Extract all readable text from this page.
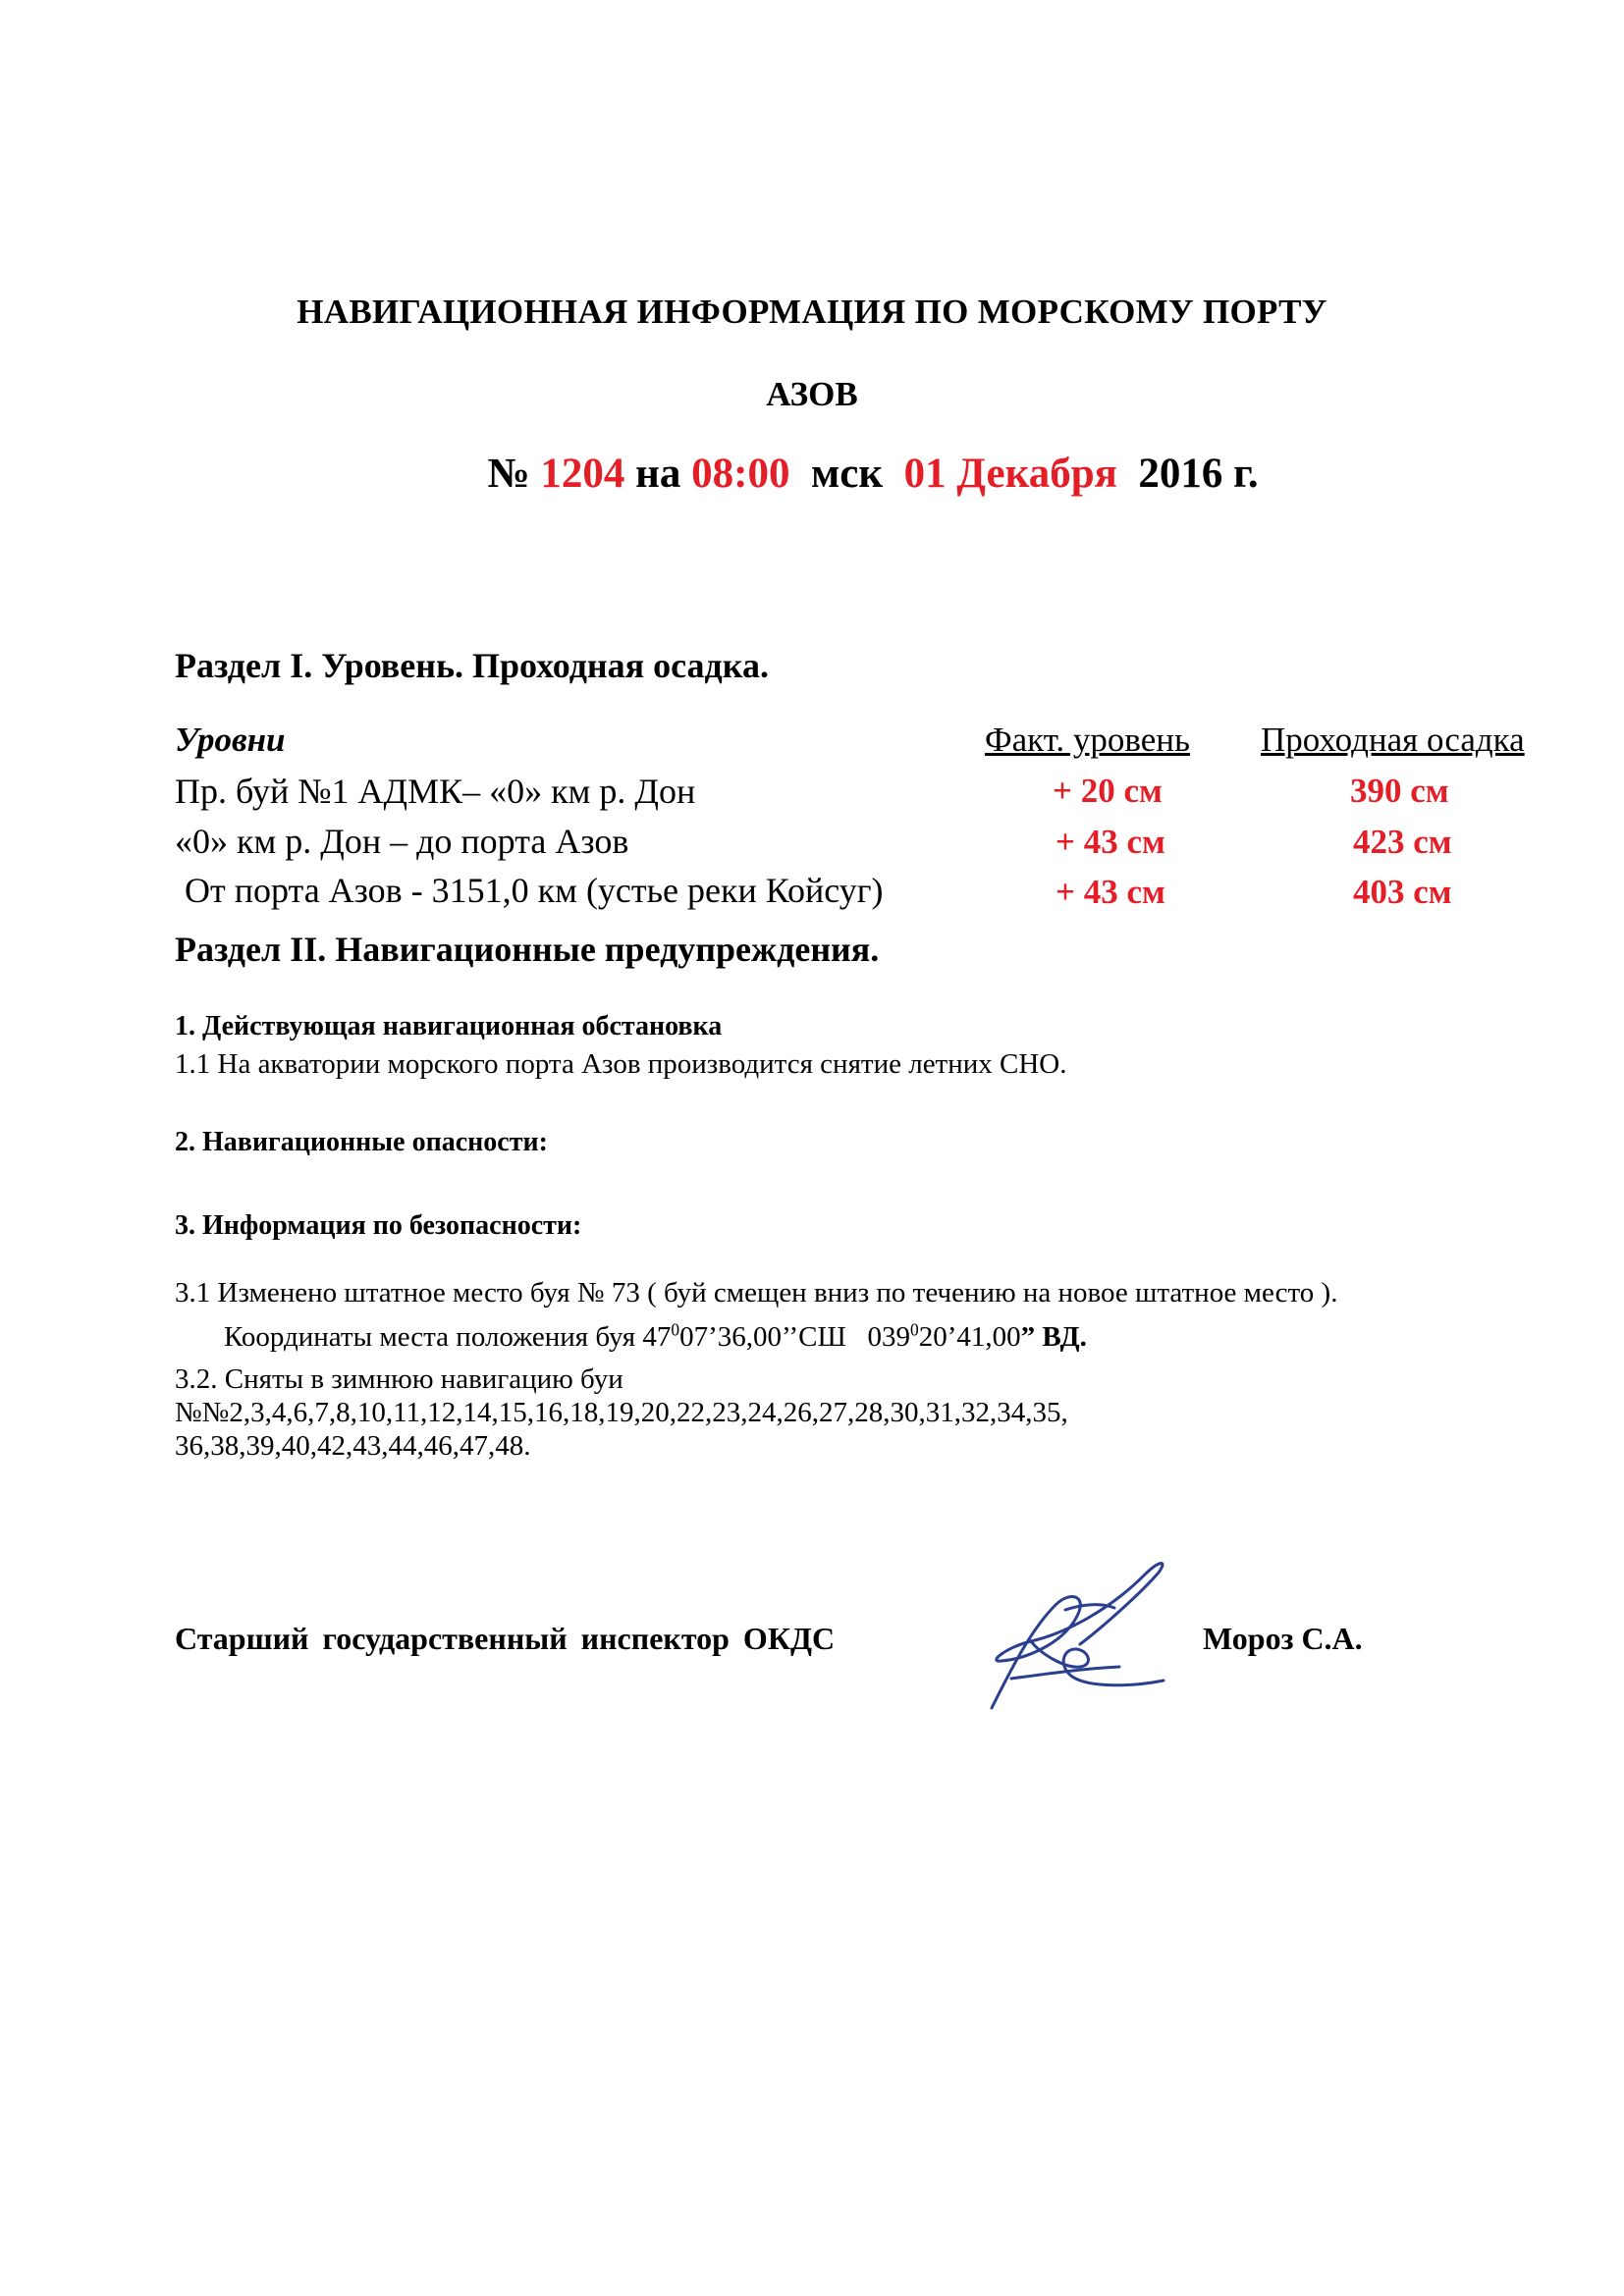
НАВИГАЦИОННАЯ ИНФОРМАЦИЯ ПО МОРСКОМУ ПОРТУ
АЗОВ
№ 1204 на 08:00  мск  01 Декабря  2016 г.
Раздел I. Уровень. Проходная осадка.
Уровни	Факт. уровень Проходная осадка
Пр. буй №1 АДМК– «0» км р. Дон	+ 20 см	390 см
«0» км р. Дон – до порта Азов	+ 43 см	423 см
От порта Азов - 3151,0 км (устье реки Койсуг)	+ 43 см	403 см
Раздел II. Навигационные предупреждения.
1. Действующая навигационная обстановка
1.1 На акватории морского порта Азов производится снятие летних СНО.
2. Навигационные опасности:
3. Информация по безопасности:
3.1 Изменено штатное место буя № 73 ( буй смещен вниз по течению на новое штатное место ).
Координаты места положения буя $47^007’36,00’’СШ$   $039^020’41,00$” ВД.
3.2. Сняты в зимнюю навигацию буи
№№2,3,4,6,7,8,10,11,12,14,15,16,18,19,20,22,23,24,26,27,28,30,31,32,34,35,
36,38,39,40,42,43,44,46,47,48.
Старший государственный инспектор ОКДС	Мороз С.А.
